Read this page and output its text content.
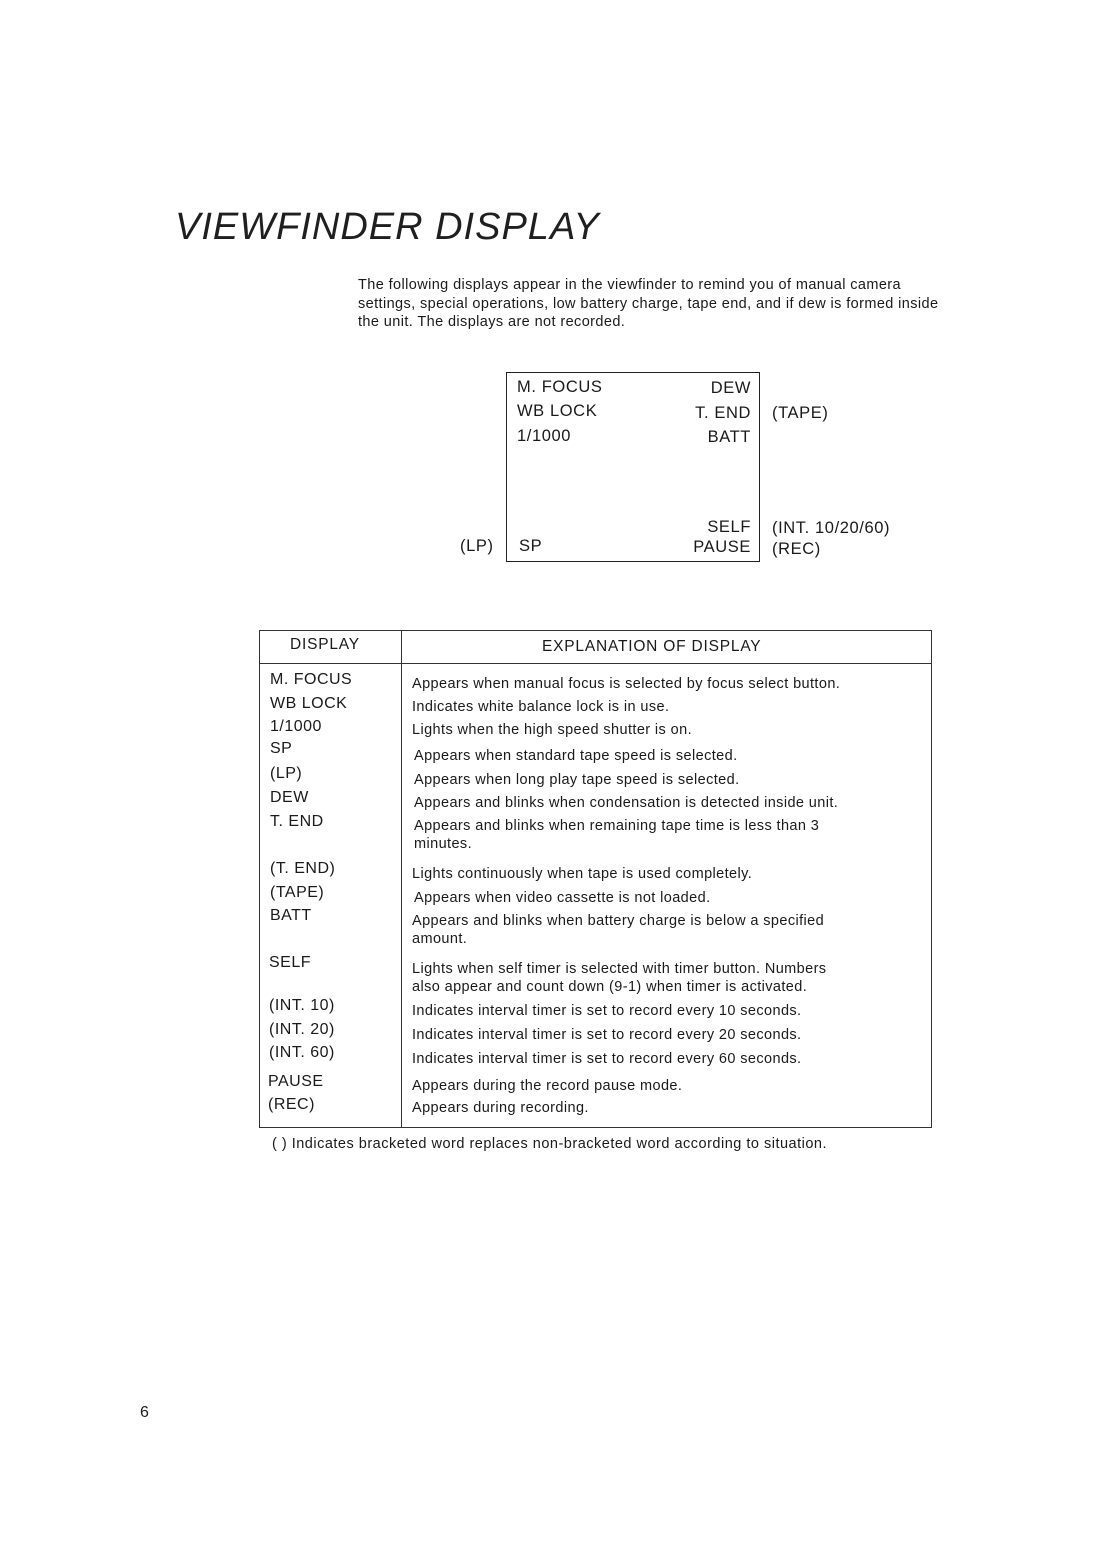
VIEWFINDER DISPLAY
The following displays appear in the viewfinder to remind you of manual camera
settings, special operations, low battery charge, tape end, and if dew is formed inside
the unit. The displays are not recorded.
M. FOCUS
WB LOCK
1/1000
DEW
T. END
BATT
SELF
PAUSE
SP
(LP)
(TAPE)
(INT. 10/20/60)
(REC)
DISPLAY	EXPLANATION OF DISPLAY
M. FOCUS
WB LOCK
1/1000
SP
(LP)
DEW
T. END
(T. END)
(TAPE)
BATT
SELF
(INT. 10)
(INT. 20)
(INT. 60)
PAUSE
(REC)
Appears when manual focus is selected by focus select button.
Indicates white balance lock is in use.
Lights when the high speed shutter is on.
Appears when standard tape speed is selected.
Appears when long play tape speed is selected.
Appears and blinks when condensation is detected inside unit.
Appears and blinks when remaining tape time is less than 3
minutes.
Lights continuously when tape is used completely.
Appears when video cassette is not loaded.
Appears and blinks when battery charge is below a specified
amount.
Lights when self timer is selected with timer button. Numbers
also appear and count down (9-1) when timer is activated.
Indicates interval timer is set to record every 10 seconds.
Indicates interval timer is set to record every 20 seconds.
Indicates interval timer is set to record every 60 seconds.
Appears during the record pause mode.
Appears during recording.
( ) Indicates bracketed word replaces non-bracketed word according to situation.
6
